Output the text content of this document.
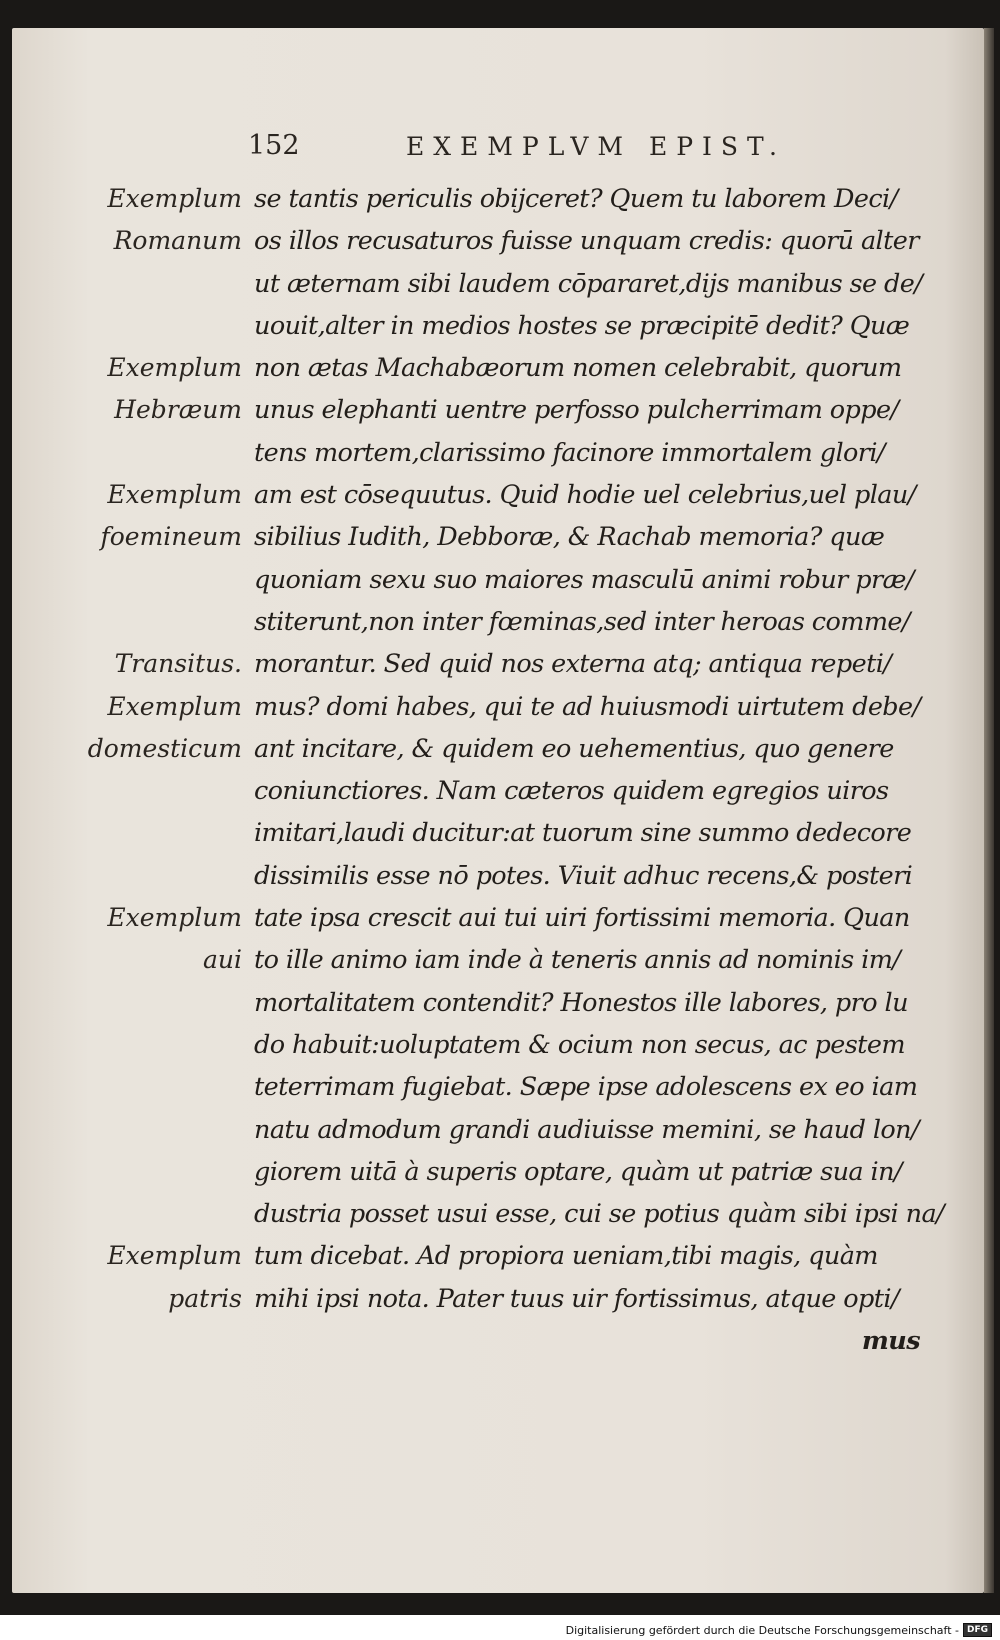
152	EXEMPLVM EPIST.
Exemplum se tantis periculis obijceret? Quem tu laborem Deci/
Romanum os illos recusaturos fuisse unquam credis: quorū alter
ut æternam sibi laudem cōpararet,dijs manibus se de/
uouit,alter in medios hostes se præcipitē dedit? Quæ
Exemplum non ætas Machabæorum nomen celebrabit, quorum
Hebræum unus elephanti uentre perfosso pulcherrimam oppe/
tens mortem,clarissimo facinore immortalem glori/
Exemplum am est cōsequutus. Quid hodie uel celebrius,uel plau/
foemineum sibilius Iudith, Debboræ, & Rachab memoria? quæ
quoniam sexu suo maiores masculū animi robur præ/
stiterunt,non inter fœminas,sed inter heroas comme/
Transitus. morantur. Sed quid nos externa atq; antiqua repeti/
Exemplum mus? domi habes, qui te ad huiusmodi uirtutem debe/
domesticum ant incitare, & quidem eo uehementius, quo genere
coniunctiores. Nam cæteros quidem egregios uiros
imitari,laudi ducitur:at tuorum sine summo dedecore
dissimilis esse nō potes. Viuit adhuc recens,& posteri
Exemplum tate ipsa crescit aui tui uiri fortissimi memoria. Quan
aui to ille animo iam inde à teneris annis ad nominis im/
mortalitatem contendit? Honestos ille labores, pro lu
do habuit:uoluptatem & ocium non secus, ac pestem
teterrimam fugiebat. Sæpe ipse adolescens ex eo iam
natu admodum grandi audiuisse memini, se haud lon/
giorem uitā à superis optare, quàm ut patriæ sua in/
dustria posset usui esse, cui se potius quàm sibi ipsi na/
Exemplum tum dicebat. Ad propiora ueniam,tibi magis, quàm
patris mihi ipsi nota. Pater tuus uir fortissimus, atque opti/
mus
Digitalisierung gefördert durch die Deutsche Forschungsgemeinschaft - DFG
